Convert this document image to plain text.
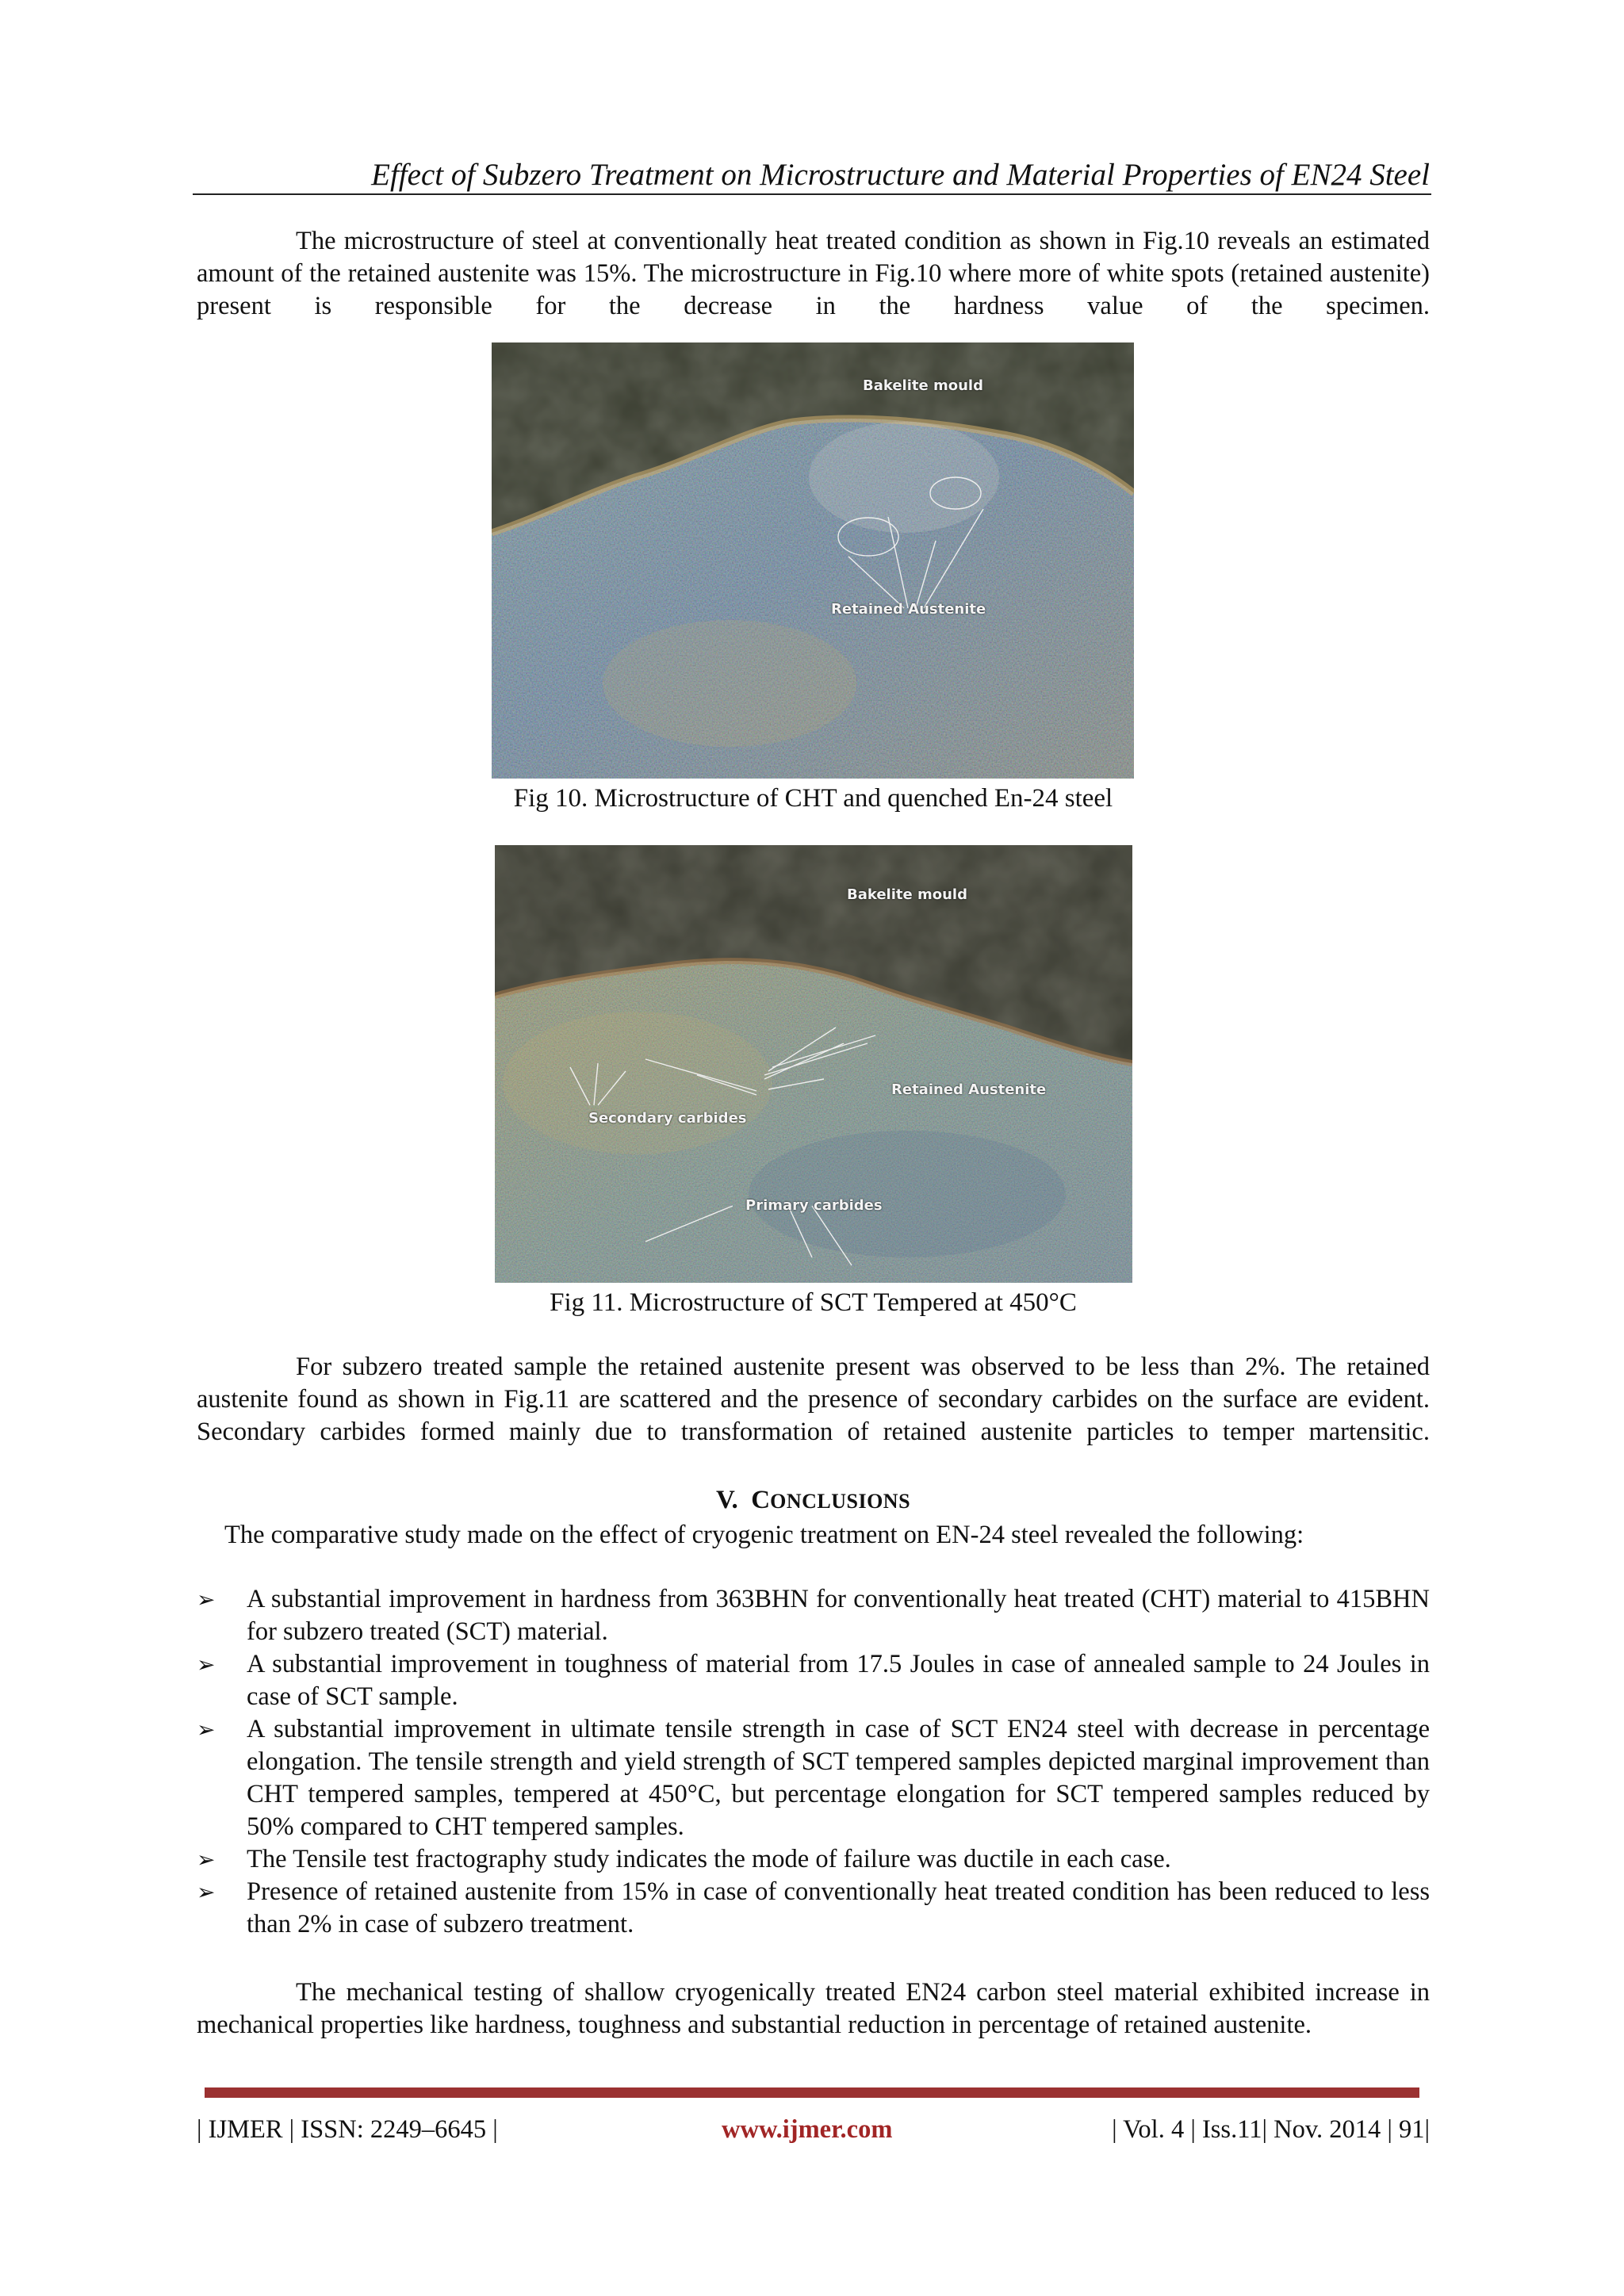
Effect of Subzero Treatment on Microstructure and Material Properties of EN24 Steel
The microstructure of steel at conventionally heat treated condition as shown in Fig.10 reveals an estimated amount of the retained austenite was 15%. The microstructure in Fig.10 where more of white spots (retained austenite) present is responsible for the decrease in the hardness value of the specimen.
Bakelite mould
Retained Austenite
Fig 10. Microstructure of CHT and quenched En-24 steel
Bakelite mould
Retained Austenite
Secondary carbides
Primary carbides
Fig 11. Microstructure of SCT Tempered at 450°C
For subzero treated sample the retained austenite present was observed to be less than 2%. The retained austenite found as shown in Fig.11 are scattered and the presence of secondary carbides on the surface are evident. Secondary carbides formed mainly due to transformation of retained austenite particles to temper martensitic.
V. CONCLUSIONS
The comparative study made on the effect of cryogenic treatment on EN-24 steel revealed the following:
➢ A substantial improvement in hardness from 363BHN for conventionally heat treated (CHT) material to 415BHN for subzero treated (SCT) material.
➢ A substantial improvement in toughness of material from 17.5 Joules in case of annealed sample to 24 Joules in case of SCT sample.
➢ A substantial improvement in ultimate tensile strength in case of SCT EN24 steel with decrease in percentage elongation. The tensile strength and yield strength of SCT tempered samples depicted marginal improvement than CHT tempered samples, tempered at 450°C, but percentage elongation for SCT tempered samples reduced by 50% compared to CHT tempered samples.
➢ The Tensile test fractography study indicates the mode of failure was ductile in each case.
➢ Presence of retained austenite from 15% in case of conventionally heat treated condition has been reduced to less than 2% in case of subzero treatment.
The mechanical testing of shallow cryogenically treated EN24 carbon steel material exhibited increase in mechanical properties like hardness, toughness and substantial reduction in percentage of retained austenite.
| IJMER | ISSN: 2249–6645 |	www.ijmer.com	| Vol. 4 | Iss.11| Nov. 2014 | 91|
